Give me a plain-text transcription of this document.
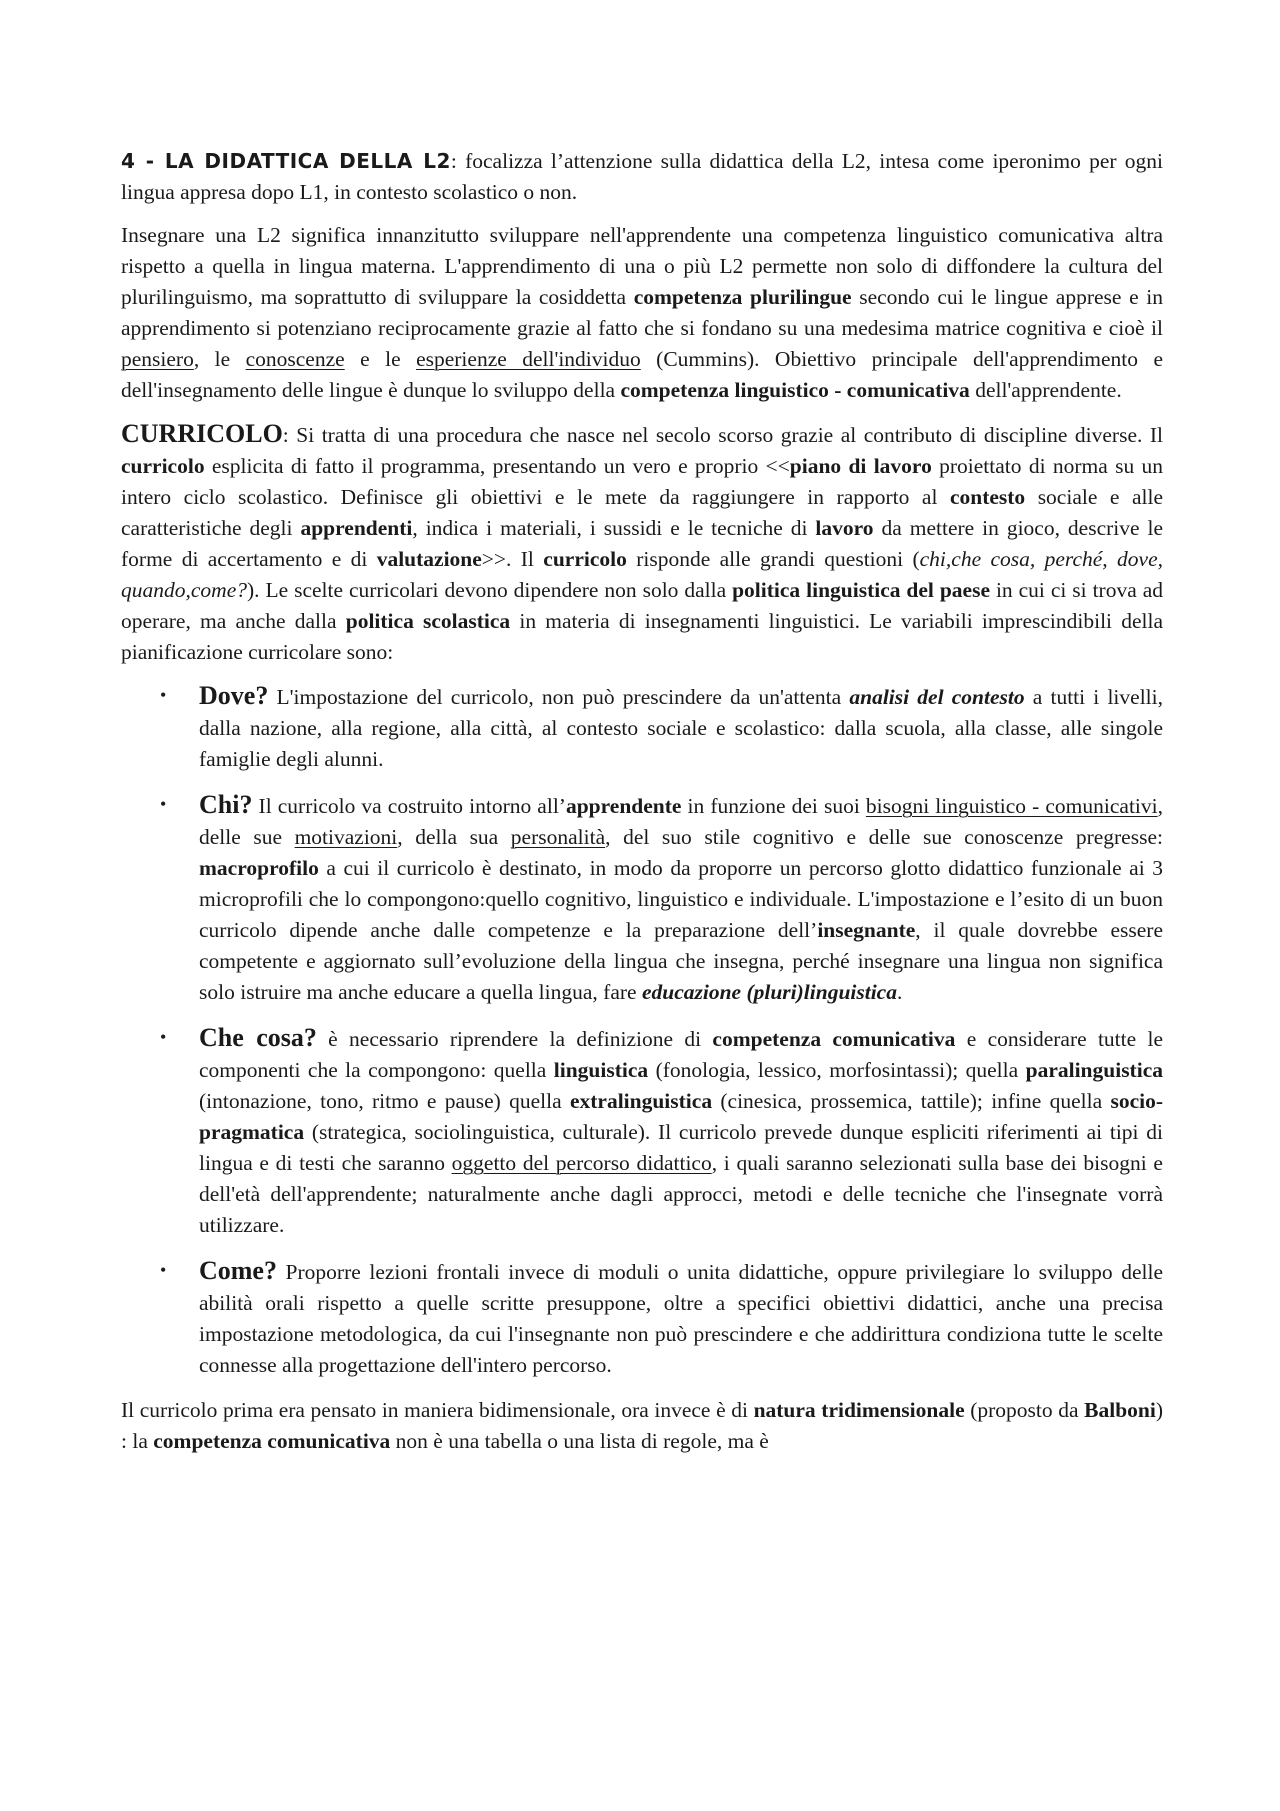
4 - LA DIDATTICA DELLA L2: focalizza l’attenzione sulla didattica della L2, intesa come iperonimo per ogni lingua appresa dopo L1, in contesto scolastico o non.

Insegnare una L2 significa innanzitutto sviluppare nell'apprendente una competenza linguistico comunicativa altra rispetto a quella in lingua materna. L'apprendimento di una o più L2 permette non solo di diffondere la cultura del plurilinguismo, ma soprattutto di sviluppare la cosiddetta competenza plurilingue secondo cui le lingue apprese e in apprendimento si potenziano reciprocamente grazie al fatto che si fondano su una medesima matrice cognitiva e cioè il pensiero, le conoscenze e le esperienze dell'individuo (Cummins). Obiettivo principale dell'apprendimento e dell'insegnamento delle lingue è dunque lo sviluppo della competenza linguistico - comunicativa dell'apprendente.

CURRICOLO: Si tratta di una procedura che nasce nel secolo scorso grazie al contributo di discipline diverse. Il curricolo esplicita di fatto il programma, presentando un vero e proprio <<piano di lavoro proiettato di norma su un intero ciclo scolastico. Definisce gli obiettivi e le mete da raggiungere in rapporto al contesto sociale e alle caratteristiche degli apprendenti, indica i materiali, i sussidi e le tecniche di lavoro da mettere in gioco, descrive le forme di accertamento e di valutazione>>. Il curricolo risponde alle grandi questioni (chi,che cosa, perché, dove, quando,come?). Le scelte curricolari devono dipendere non solo dalla politica linguistica del paese in cui ci si trova ad operare, ma anche dalla politica scolastica in materia di insegnamenti linguistici. Le variabili imprescindibili della pianificazione curricolare sono:

• Dove? L'impostazione del curricolo, non può prescindere da un'attenta analisi del contesto a tutti i livelli, dalla nazione, alla regione, alla città, al contesto sociale e scolastico: dalla scuola, alla classe, alle singole famiglie degli alunni.
• Chi? Il curricolo va costruito intorno all’apprendente in funzione dei suoi bisogni linguistico - comunicativi, delle sue motivazioni, della sua personalità, del suo stile cognitivo e delle sue conoscenze pregresse: macroprofilo a cui il curricolo è destinato, in modo da proporre un percorso glotto didattico funzionale ai 3 microprofili che lo compongono:quello cognitivo, linguistico e individuale. L'impostazione e l’esito di un buon curricolo dipende anche dalle competenze e la preparazione dell’insegnante, il quale dovrebbe essere competente e aggiornato sull’evoluzione della lingua che insegna, perché insegnare una lingua non significa solo istruire ma anche educare a quella lingua, fare educazione (pluri)linguistica.
• Che cosa? è necessario riprendere la definizione di competenza comunicativa e considerare tutte le componenti che la compongono: quella linguistica (fonologia, lessico, morfosintassi); quella paralinguistica (intonazione, tono, ritmo e pause) quella extralinguistica (cinesica, prossemica, tattile); infine quella socio-pragmatica (strategica, sociolinguistica, culturale). Il curricolo prevede dunque espliciti riferimenti ai tipi di lingua e di testi che saranno oggetto del percorso didattico, i quali saranno selezionati sulla base dei bisogni e dell'età dell'apprendente; naturalmente anche dagli approcci, metodi e delle tecniche che l'insegnate vorrà utilizzare.
• Come? Proporre lezioni frontali invece di moduli o unita didattiche, oppure privilegiare lo sviluppo delle abilità orali rispetto a quelle scritte presuppone, oltre a specifici obiettivi didattici, anche una precisa impostazione metodologica, da cui l'insegnante non può prescindere e che addirittura condiziona tutte le scelte connesse alla progettazione dell'intero percorso.

Il curricolo prima era pensato in maniera bidimensionale, ora invece è di natura tridimensionale (proposto da Balboni) : la competenza comunicativa non è una tabella o una lista di regole, ma è
